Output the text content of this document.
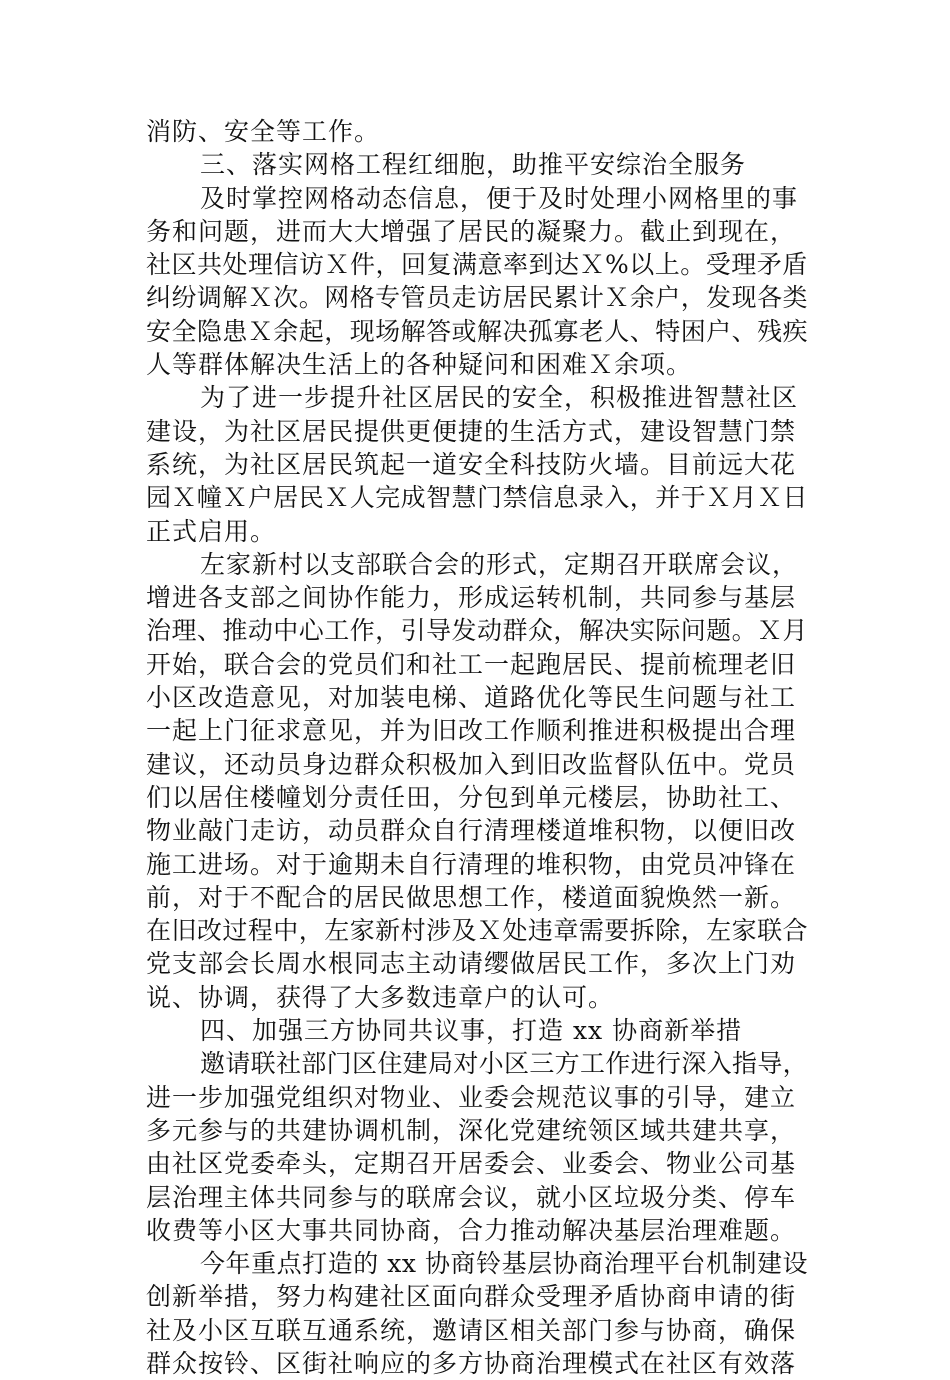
消防、安全等工作。
三、落实网格工程红细胞，助推平安综治全服务
及时掌控网格动态信息，便于及时处理小网格里的事
务和问题，进而大大增强了居民的凝聚力。截止到现在，
社区共处理信访Ｘ件，回复满意率到达Ｘ%以上。受理矛盾
纠纷调解Ｘ次。网格专管员走访居民累计Ｘ余户，发现各类
安全隐患Ｘ余起，现场解答或解决孤寡老人、特困户、残疾
人等群体解决生活上的各种疑问和困难Ｘ余项。
为了进一步提升社区居民的安全，积极推进智慧社区
建设，为社区居民提供更便捷的生活方式，建设智慧门禁
系统，为社区居民筑起一道安全科技防火墙。目前远大花
园Ｘ幢Ｘ户居民Ｘ人完成智慧门禁信息录入，并于Ｘ月Ｘ日
正式启用。
左家新村以支部联合会的形式，定期召开联席会议，
增进各支部之间协作能力，形成运转机制，共同参与基层
治理、推动中心工作，引导发动群众，解决实际问题。Ｘ月
开始，联合会的党员们和社工一起跑居民、提前梳理老旧
小区改造意见，对加装电梯、道路优化等民生问题与社工
一起上门征求意见，并为旧改工作顺利推进积极提出合理
建议，还动员身边群众积极加入到旧改监督队伍中。党员
们以居住楼幢划分责任田，分包到单元楼层，协助社工、
物业敲门走访，动员群众自行清理楼道堆积物，以便旧改
施工进场。对于逾期未自行清理的堆积物，由党员冲锋在
前，对于不配合的居民做思想工作，楼道面貌焕然一新。
在旧改过程中，左家新村涉及Ｘ处违章需要拆除，左家联合
党支部会长周水根同志主动请缨做居民工作，多次上门劝
说、协调，获得了大多数违章户的认可。
四、加强三方协同共议事，打造 xx 协商新举措
邀请联社部门区住建局对小区三方工作进行深入指导，
进一步加强党组织对物业、业委会规范议事的引导，建立
多元参与的共建协调机制，深化党建统领区域共建共享，
由社区党委牵头，定期召开居委会、业委会、物业公司基
层治理主体共同参与的联席会议，就小区垃圾分类、停车
收费等小区大事共同协商，合力推动解决基层治理难题。
今年重点打造的 xx 协商铃基层协商治理平台机制建设
创新举措，努力构建社区面向群众受理矛盾协商申请的街
社及小区互联互通系统，邀请区相关部门参与协商，确保
群众按铃、区街社响应的多方协商治理模式在社区有效落
